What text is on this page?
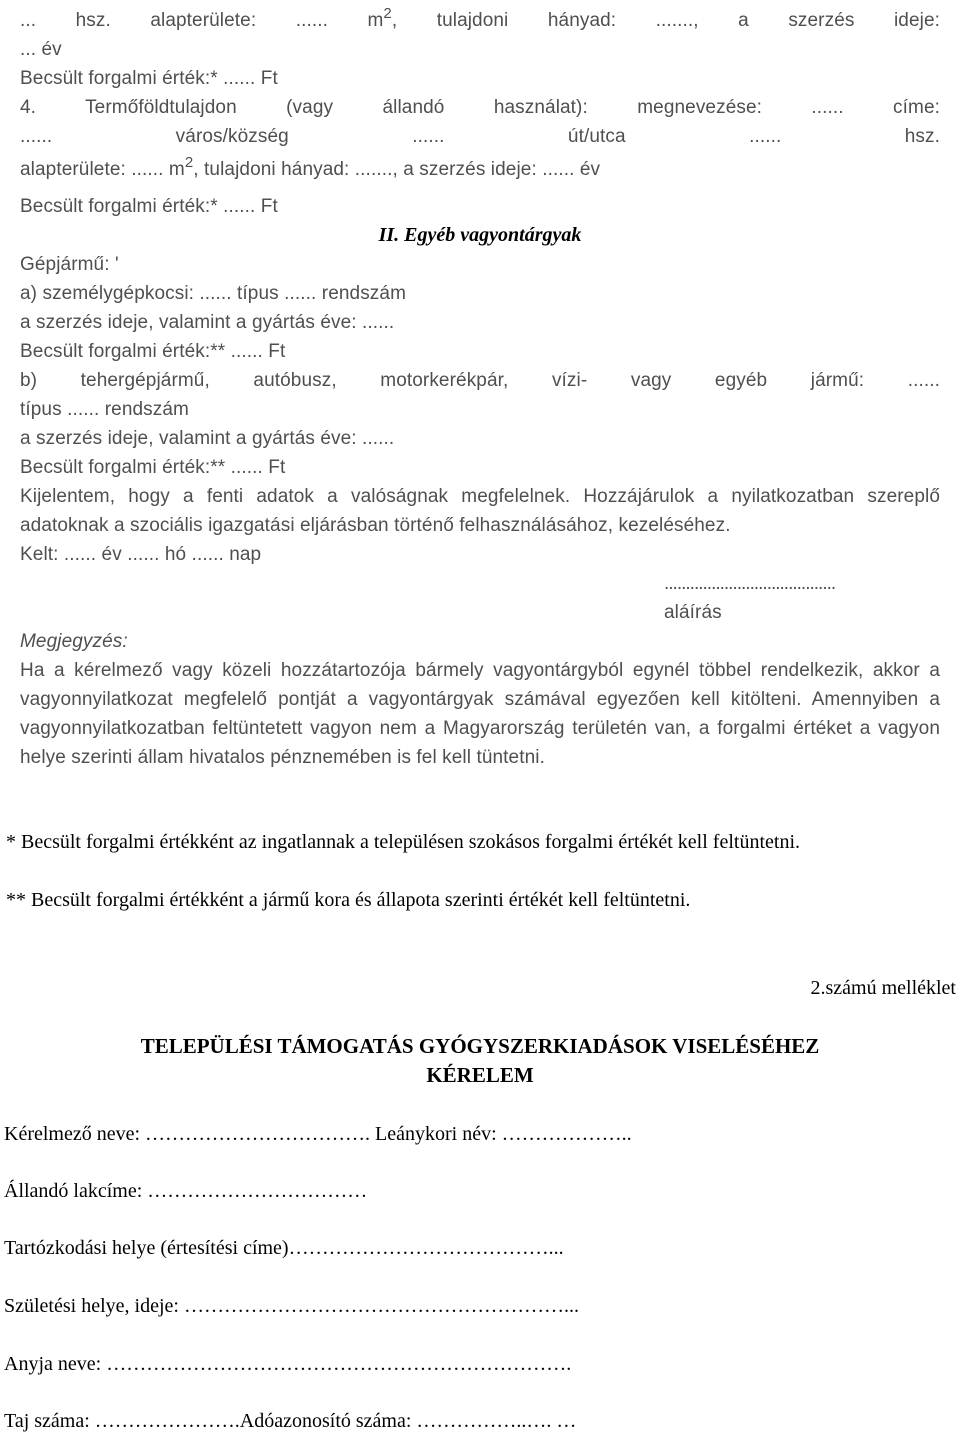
... hsz. alapterülete: ...... $m^2$, tulajdoni hányad: ......., a szerzés ideje:
... év
Becsült forgalmi érték:* ...... Ft
4. Termőföldtulajdon (vagy állandó használat): megnevezése: ...... címe:
...... város/község ...... út/utca ...... hsz.
alapterülete: ...... $m^2$, tulajdoni hányad: ......., a szerzés ideje: ...... év
Becsült forgalmi érték:* ...... Ft
II. Egyéb vagyontárgyak
Gépjármű: '
a) személygépkocsi: ...... típus ...... rendszám
a szerzés ideje, valamint a gyártás éve: ......
Becsült forgalmi érték:** ...... Ft
b) tehergépjármű, autóbusz, motorkerékpár, vízi- vagy egyéb jármű: ......
típus ...... rendszám
a szerzés ideje, valamint a gyártás éve: ......
Becsült forgalmi érték:** ...... Ft
Kijelentem, hogy a fenti adatok a valóságnak megfelelnek. Hozzájárulok a nyilatkozatban szereplő adatoknak a szociális igazgatási eljárásban történő felhasználásához, kezeléséhez.
Kelt: ...... év ...... hó ...... nap
........................................
aláírás
Megjegyzés:
Ha a kérelmező vagy közeli hozzátartozója bármely vagyontárgyból egynél többel rendelkezik, akkor a vagyonnyilatkozat megfelelő pontját a vagyontárgyak számával egyezően kell kitölteni. Amennyiben a vagyonnyilatkozatban feltüntetett vagyon nem a Magyarország területén van, a forgalmi értéket a vagyon helye szerinti állam hivatalos pénznemében is fel kell tüntetni.
* Becsült forgalmi értékként az ingatlannak a településen szokásos forgalmi értékét kell feltüntetni.
** Becsült forgalmi értékként a jármű kora és állapota szerinti értékét kell feltüntetni.
2.számú melléklet
TELEPÜLÉSI TÁMOGATÁS GYÓGYSZERKIADÁSOK VISELÉSÉHEZ
KÉRELEM
Kérelmező neve: ……………………………. Leánykori név: ………………..
Állandó lakcíme: ……………………………
Tartózkodási helye (értesítési címe)…………………………………...
Születési helye, ideje: …………………………………………………...
Anyja neve: …………………………………………………………….
Taj száma: ………………….Adóazonosító száma: ……………..…. …
